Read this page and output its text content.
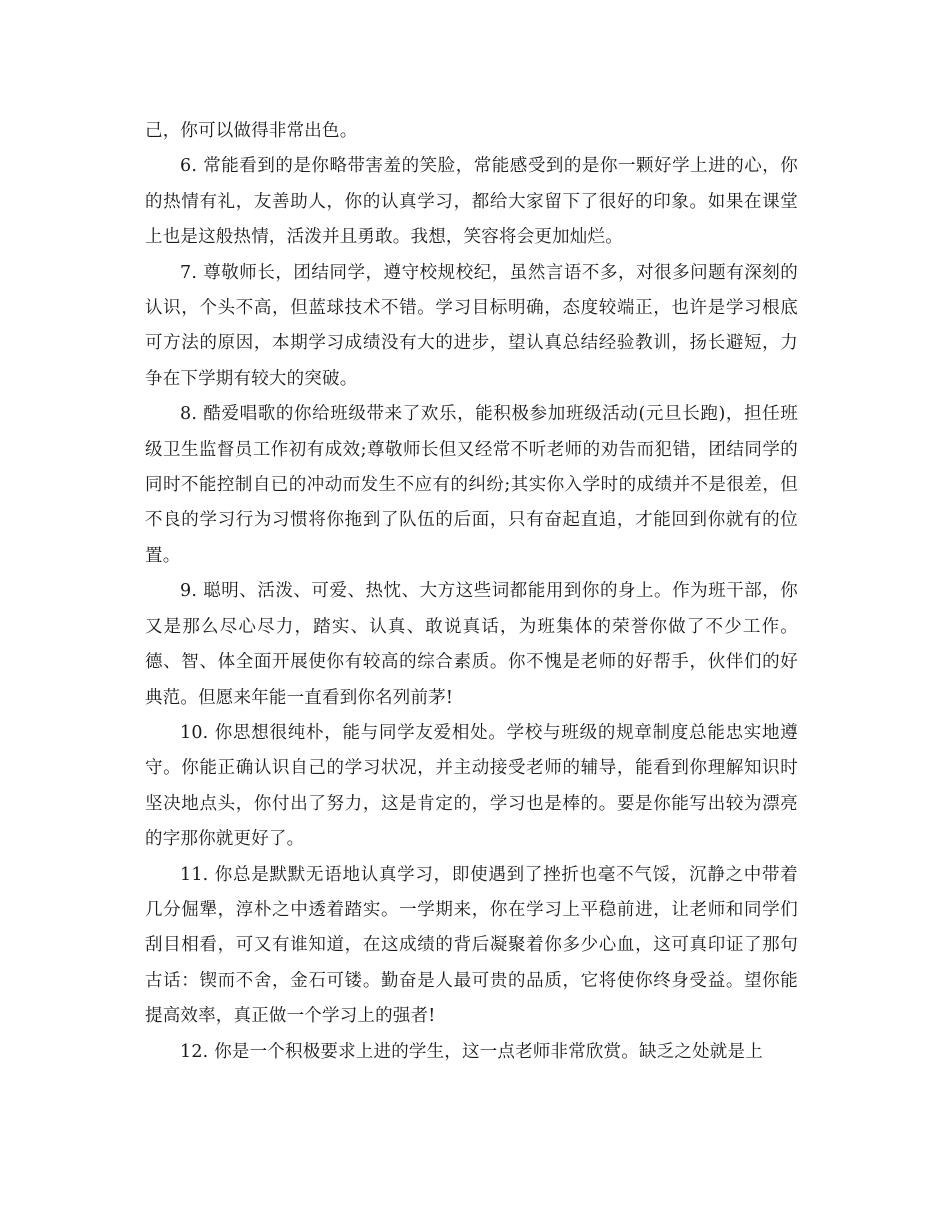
己，你可以做得非常出色。

6. 常能看到的是你略带害羞的笑脸，常能感受到的是你一颗好学上进的心，你的热情有礼，友善助人，你的认真学习，都给大家留下了很好的印象。如果在课堂上也是这般热情，活泼并且勇敢。我想，笑容将会更加灿烂。

7. 尊敬师长，团结同学，遵守校规校纪，虽然言语不多，对很多问题有深刻的认识，个头不高，但蓝球技术不错。学习目标明确，态度较端正，也许是学习根底可方法的原因，本期学习成绩没有大的进步，望认真总结经验教训，扬长避短，力争在下学期有较大的突破。

8. 酷爱唱歌的你给班级带来了欢乐，能积极参加班级活动(元旦长跑)，担任班级卫生监督员工作初有成效;尊敬师长但又经常不听老师的劝告而犯错，团结同学的同时不能控制自已的冲动而发生不应有的纠纷;其实你入学时的成绩并不是很差，但不良的学习行为习惯将你拖到了队伍的后面，只有奋起直追，才能回到你就有的位置。

9. 聪明、活泼、可爱、热忱、大方这些词都能用到你的身上。作为班干部，你又是那么尽心尽力，踏实、认真、敢说真话，为班集体的荣誉你做了不少工作。德、智、体全面开展使你有较高的综合素质。你不愧是老师的好帮手，伙伴们的好典范。但愿来年能一直看到你名列前茅!

10. 你思想很纯朴，能与同学友爱相处。学校与班级的规章制度总能忠实地遵守。你能正确认识自己的学习状况，并主动接受老师的辅导，能看到你理解知识时坚决地点头，你付出了努力，这是肯定的，学习也是棒的。要是你能写出较为漂亮的字那你就更好了。

11. 你总是默默无语地认真学习，即使遇到了挫折也毫不气馁，沉静之中带着几分倔犟，淳朴之中透着踏实。一学期来，你在学习上平稳前进，让老师和同学们刮目相看，可又有谁知道，在这成绩的背后凝聚着你多少心血，这可真印证了那句古话：锲而不舍，金石可镂。勤奋是人最可贵的品质，它将使你终身受益。望你能提高效率，真正做一个学习上的强者!

12. 你是一个积极要求上进的学生，这一点老师非常欣赏。缺乏之处就是上
